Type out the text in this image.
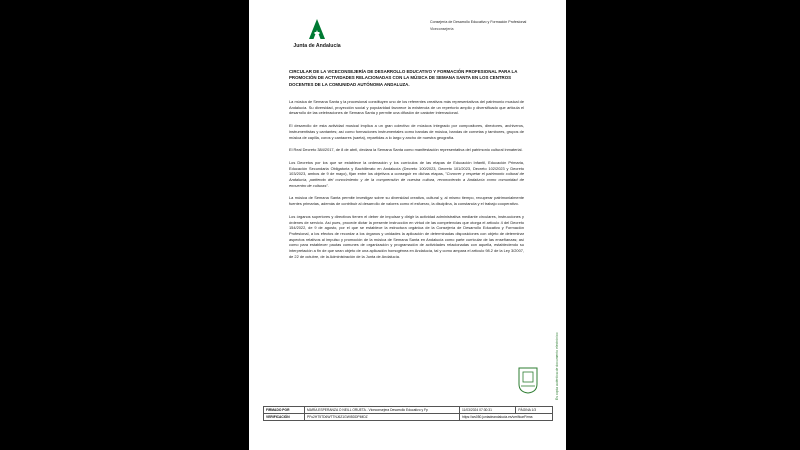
Junta de Andalucía
Consejería de Desarrollo Educativo y Formación Profesional
Viceconsejería
CIRCULAR DE LA VICECONSEJERÍA DE DESARROLLO EDUCATIVO Y FORMACIÓN PROFESIONAL PARA LA PROMOCIÓN DE ACTIVIDADES RELACIONADAS CON LA MÚSICA DE SEMANA SANTA EN LOS CENTROS DOCENTES DE LA COMUNIDAD AUTÓNOMA ANDALUZA.

La música de Semana Santa y la procesional constituyen uno de los referentes creativos más representativos del patrimonio musical de Andalucía. Su diversidad, proyección social y popularidad favorece la existencia de un repertorio amplio y diversificado que articula el desarrollo de las celebraciones de Semana Santa y permite una difusión de carácter internacional.

El desarrollo de esta actividad musical implica a un gran colectivo de músicos integrado por compositores, directores, archiveros, instrumentistas y cantantes; así como formaciones instrumentales como bandas de música, bandas de cornetas y tambores, grupos de música de capilla, coros y cantaores (saeta), repartidas a lo largo y ancho de nuestra geografía.

El Real Decreto 384/2017, de 8 de abril, declara la Semana Santa como manifestación representativa del patrimonio cultural inmaterial.

Los Decretos por los que se establece la ordenación y los currículos de las etapas de Educación Infantil, Educación Primaria, Educación Secundaria Obligatoria y Bachillerato en Andalucía (Decreto 100/2023, Decreto 101/2023, Decreto 102/2023 y Decreto 103/2023, ambos de 9 de mayo), fijan entre los objetivos a conseguir en dichas etapas, "Conocer y respetar el patrimonio cultural de Andalucía, partiendo del conocimiento y de la comprensión de nuestra cultura, reconociendo a Andalucía como comunidad de encuentro de culturas".

La música de Semana Santa permite investigar sobre su diversidad creativa, cultural y, al mismo tiempo, recuperar patrimonialmente fuentes primarias, además de contribuir al desarrollo de valores como el esfuerzo, la disciplina, la constancia y el trabajo cooperativo.

Los órganos superiores y directivos tienen el deber de impulsar y dirigir la actividad administrativa mediante circulares, instrucciones y órdenes de servicio. Así pues, procede dictar la presente instrucción en virtud de las competencias que otorga el artículo 4 del Decreto 154/2022, de 9 de agosto, por el que se establece la estructura orgánica de la Consejería de Desarrollo Educativo y Formación Profesional, a los efectos de recordar a los órganos y unidades la aplicación de determinadas disposiciones con objeto de determinar aspectos relativos al impulso y promoción de la música de Semana Santa en Andalucía como parte curricular de las enseñanzas; así como para establecer pautas comunes de organización y programación de actividades relacionadas con aquella, estableciendo su interpretación a fin de que sean objeto de una aplicación homogénea en Andalucía, tal y como ampara el artículo 98.2 de la Ley 3/2007, de 22 de octubre, de la Administración de la Junta de Andalucía.

Es copia auténtica de documento electrónico
FIRMADO POR	MARÍA ESPERANZA O NEILL ORUETA - Viceconsejera Desarrollo Educativo y Fp	11/03/2024 07:30:31	PÁGINA 1/3
VERIFICACIÓN	PFu2HT5TD6WTTNJ6Z1GWI5DDPIMDZ	https://ws050.juntadeandalucia.es/verificarFirma	
